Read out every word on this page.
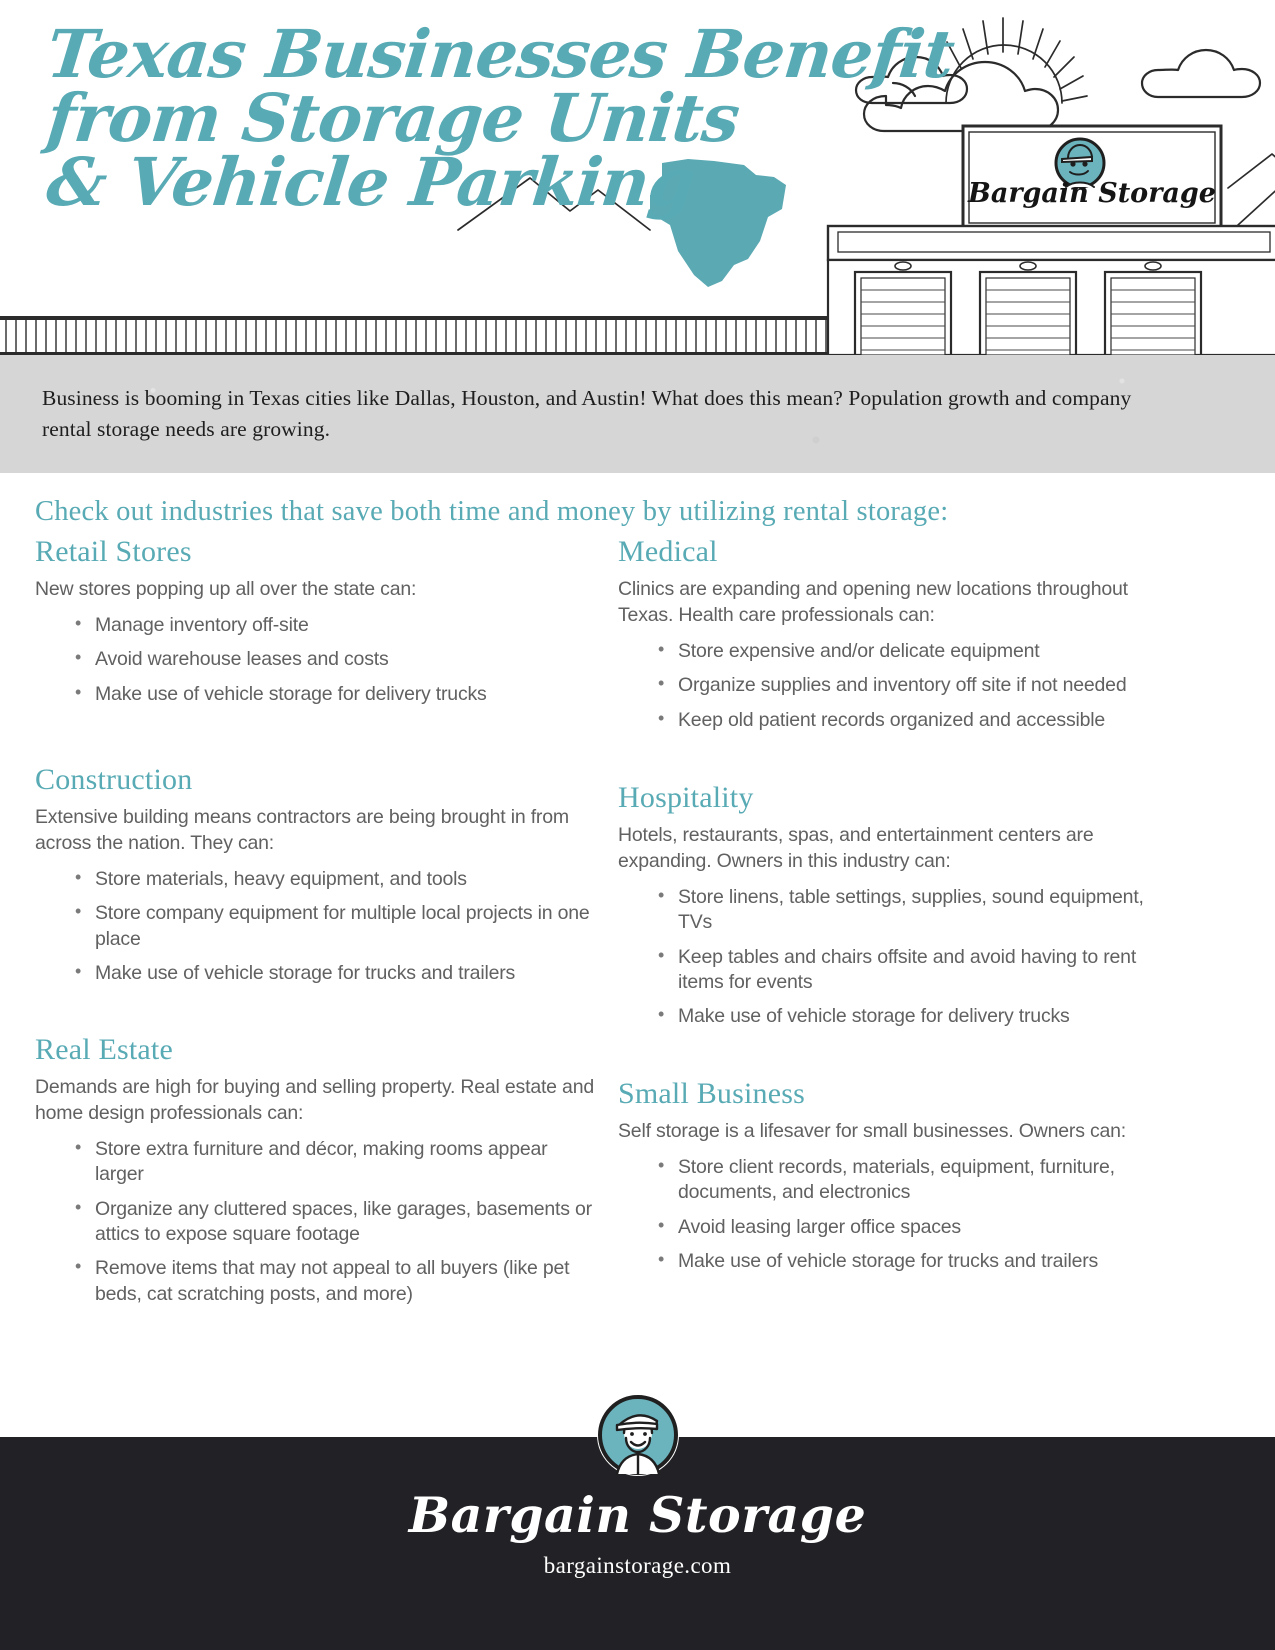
Bargain Storage
Texas Businesses Benefit
from Storage Units
& Vehicle Parking
Business is booming in Texas cities like Dallas, Houston, and Austin! What does this mean? Population growth and company rental storage needs are growing.
Check out industries that save both time and money by utilizing rental storage:
Retail Stores

New stores popping up all over the state can:

• Manage inventory off-site
• Avoid warehouse leases and costs
• Make use of vehicle storage for delivery trucks
Construction

Extensive building means contractors are being brought in from across the nation. They can:

• Store materials, heavy equipment, and tools
• Store company equipment for multiple local projects in one place
• Make use of vehicle storage for trucks and trailers
Real Estate

Demands are high for buying and selling property. Real estate and home design professionals can:

• Store extra furniture and décor, making rooms appear larger
• Organize any cluttered spaces, like garages, basements or attics to expose square footage
• Remove items that may not appeal to all buyers (like pet beds, cat scratching posts, and more)
Medical

Clinics are expanding and opening new locations throughout Texas. Health care professionals can:

• Store expensive and/or delicate equipment
• Organize supplies and inventory off site if not needed
• Keep old patient records organized and accessible
Hospitality

Hotels, restaurants, spas, and entertainment centers are expanding. Owners in this industry can:

• Store linens, table settings, supplies, sound equipment, TVs
• Keep tables and chairs offsite and avoid having to rent items for events
• Make use of vehicle storage for delivery trucks
Small Business

Self storage is a lifesaver for small businesses. Owners can:

• Store client records, materials, equipment, furniture, documents, and electronics
• Avoid leasing larger office spaces
• Make use of vehicle storage for trucks and trailers
Bargain Storage
bargainstorage.com
